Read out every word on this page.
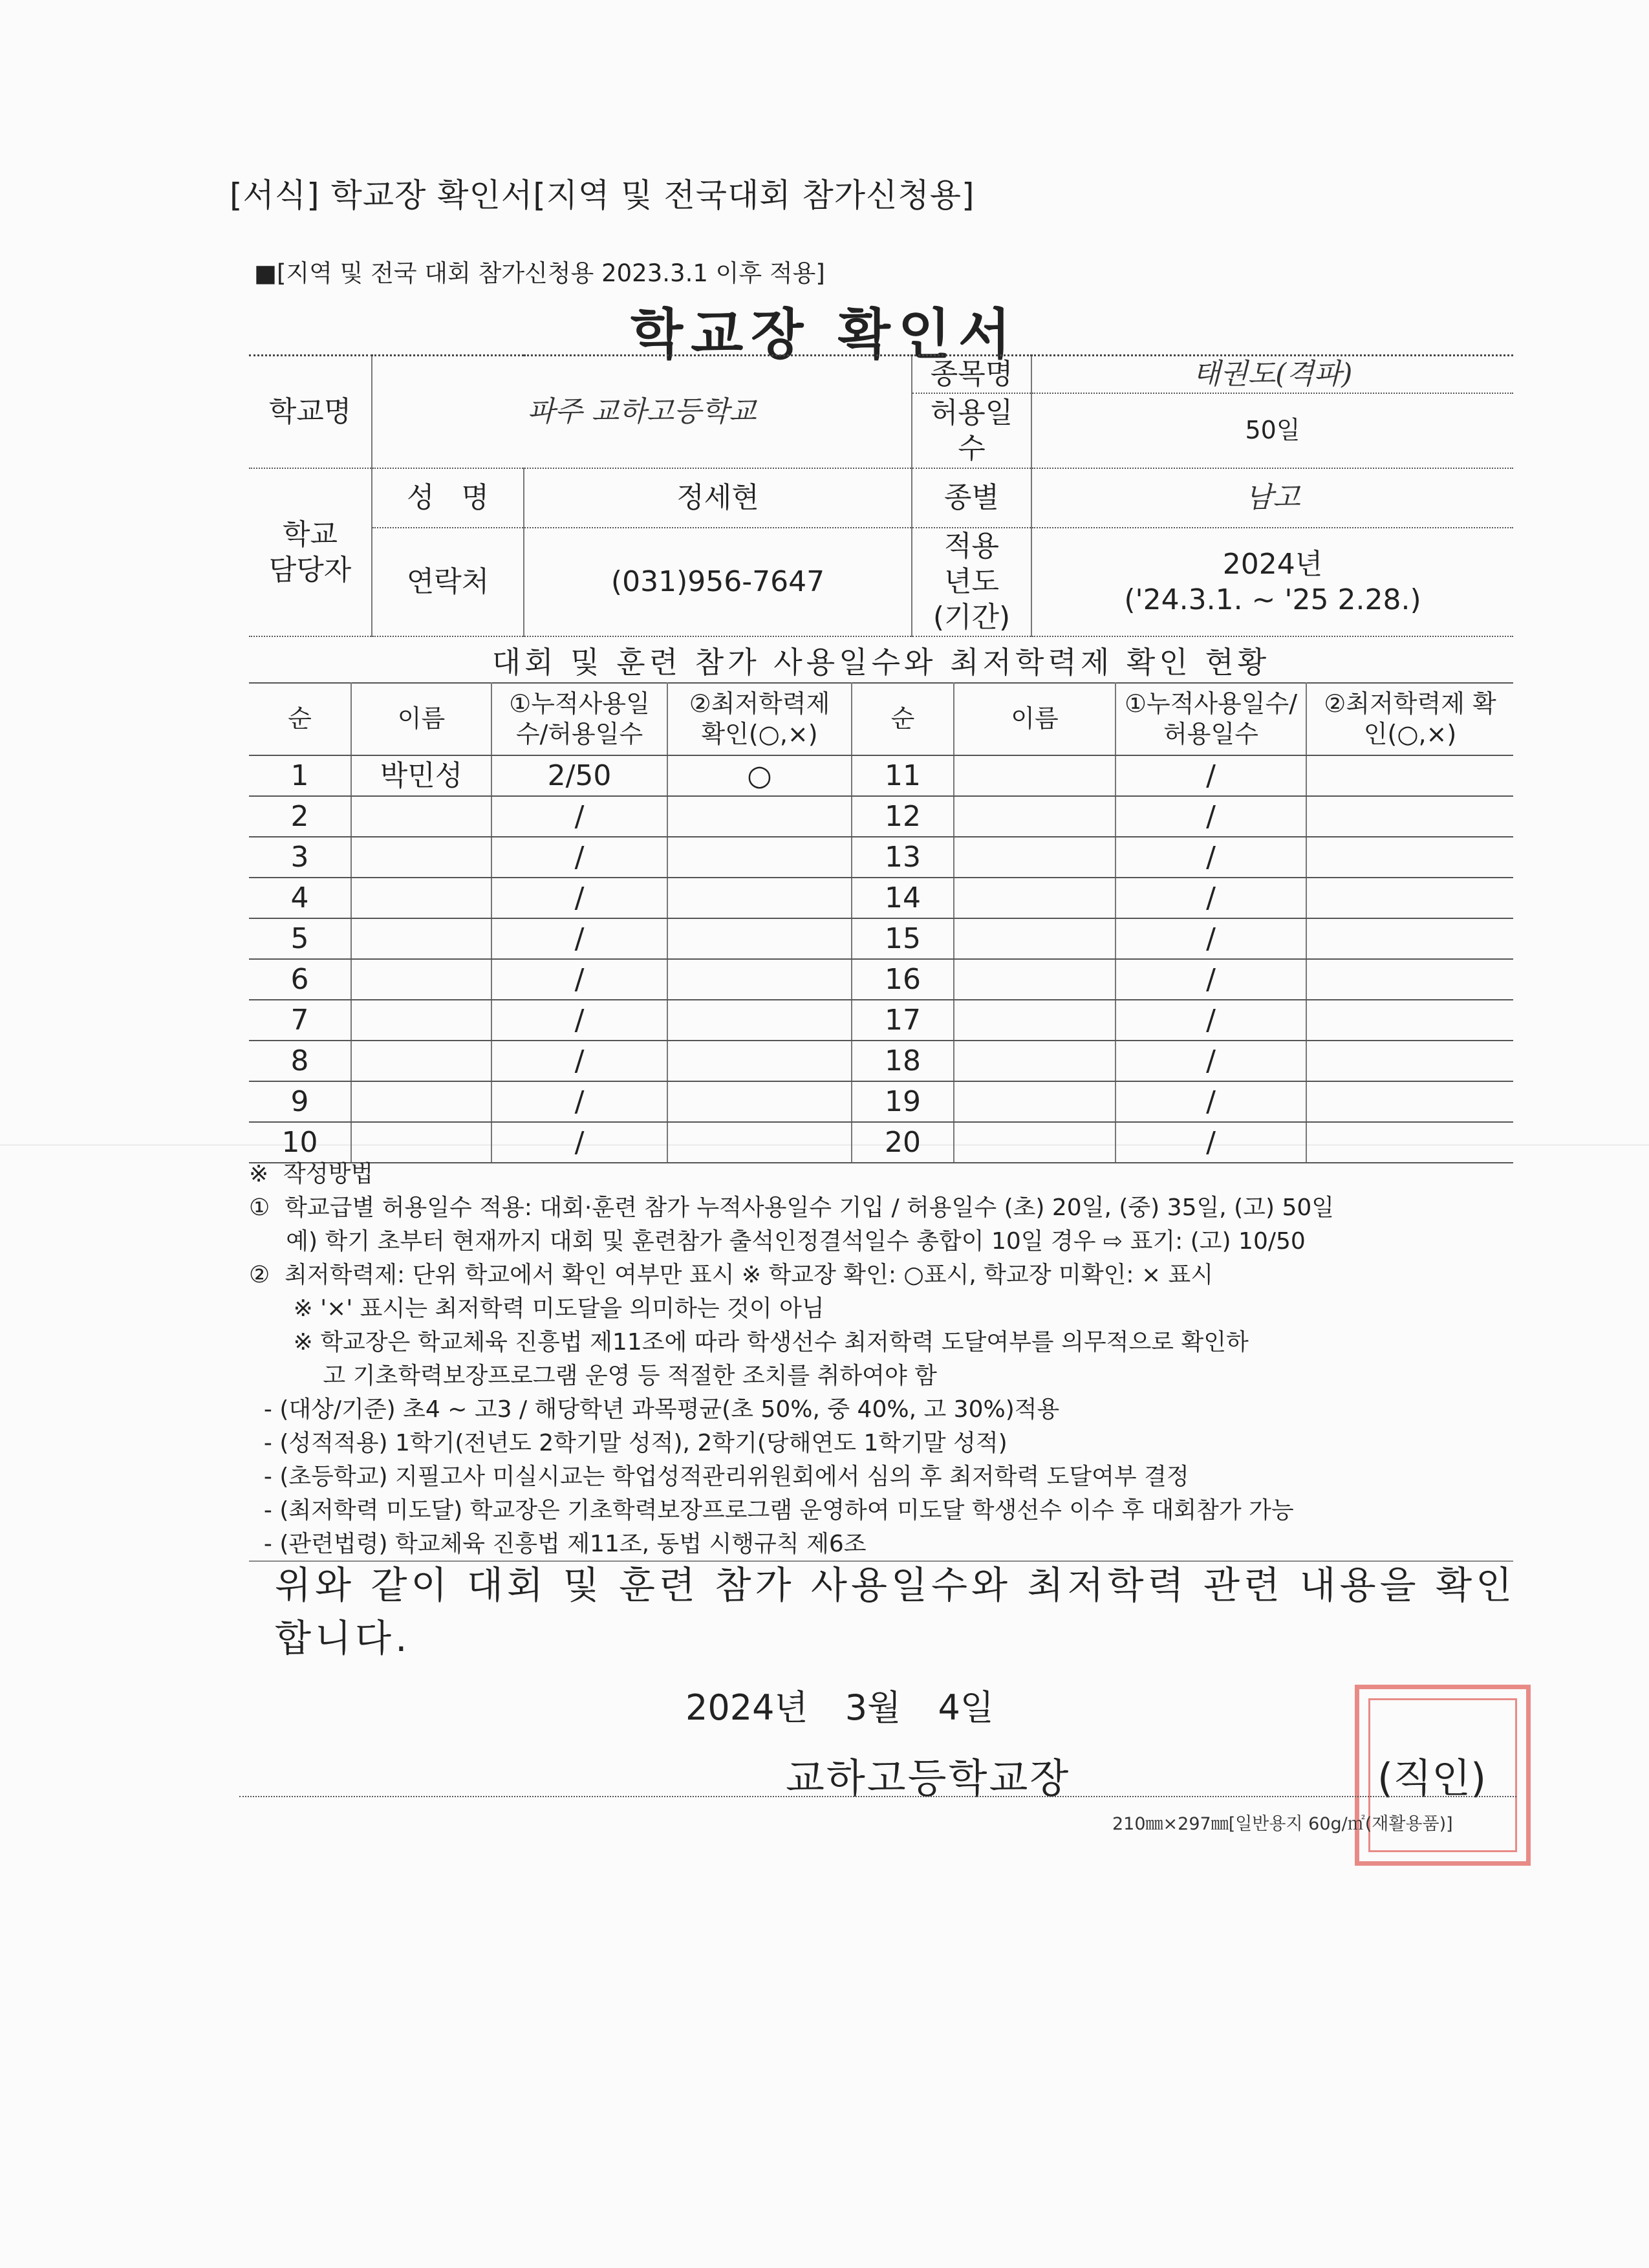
[서식] 학교장 확인서[지역 및 전국대회 참가신청용]
■[지역 및 전국 대회 참가신청용 2023.3.1 이후 적용]
학교장 확인서
학교명	파주 교하고등학교		종목명	태권도(격파)
			허용일수	50일
학교 담당자	성   명	정세현	종별	남고
	연락처	(031)956-7647	적용년도 (기간)	2024년
('24.3.1. ~ '25 2.28.)
대회 및 훈련 참가 사용일수와 최저학력제 확인 현황
순	이름	①누적사용일수/허용일수	②최저학력제 확인(○,×)	순	이름	①누적사용일수/허용일수	②최저학력제 확인(○,×)
1	박민성	2/50	○	11		/	
2		/		12		/	
3		/		13		/	
4		/		14		/	
5		/		15		/	
6		/		16		/	
7		/		17		/	
8		/		18		/	
9		/		19		/	
10		/		20		/	
※  작성방법
①  학교급별 허용일수 적용: 대회·훈련 참가 누적사용일수 기입 / 허용일수 (초) 20일, (중) 35일, (고) 50일
예) 학기 초부터 현재까지 대회 및 훈련참가 출석인정결석일수 총합이 10일 경우 ⇨ 표기: (고) 10/50
②  최저학력제: 단위 학교에서 확인 여부만 표시 ※ 학교장 확인: ○표시, 학교장 미확인: × 표시
※ '×' 표시는 최저학력 미도달을 의미하는 것이 아님
※ 학교장은 학교체육 진흥법 제11조에 따라 학생선수 최저학력 도달여부를 의무적으로 확인하
고 기초학력보장프로그램 운영 등 적절한 조치를 취하여야 함
- (대상/기준) 초4 ~ 고3 / 해당학년 과목평균(초 50%, 중 40%, 고 30%)적용
- (성적적용) 1학기(전년도 2학기말 성적), 2학기(당해연도 1학기말 성적)
- (초등학교) 지필고사 미실시교는 학업성적관리위원회에서 심의 후 최저학력 도달여부 결정
- (최저학력 미도달) 학교장은 기초학력보장프로그램 운영하여 미도달 학생선수 이수 후 대회참가 가능
- (관련법령) 학교체육 진흥법 제11조, 동법 시행규칙 제6조
위와 같이 대회 및 훈련 참가 사용일수와 최저학력 관련 내용을 확인
합니다.
2024년 3월 4일
교하고등학교장	(직인)
210㎜×297㎜[일반용지 60g/㎡(재활용품)]
